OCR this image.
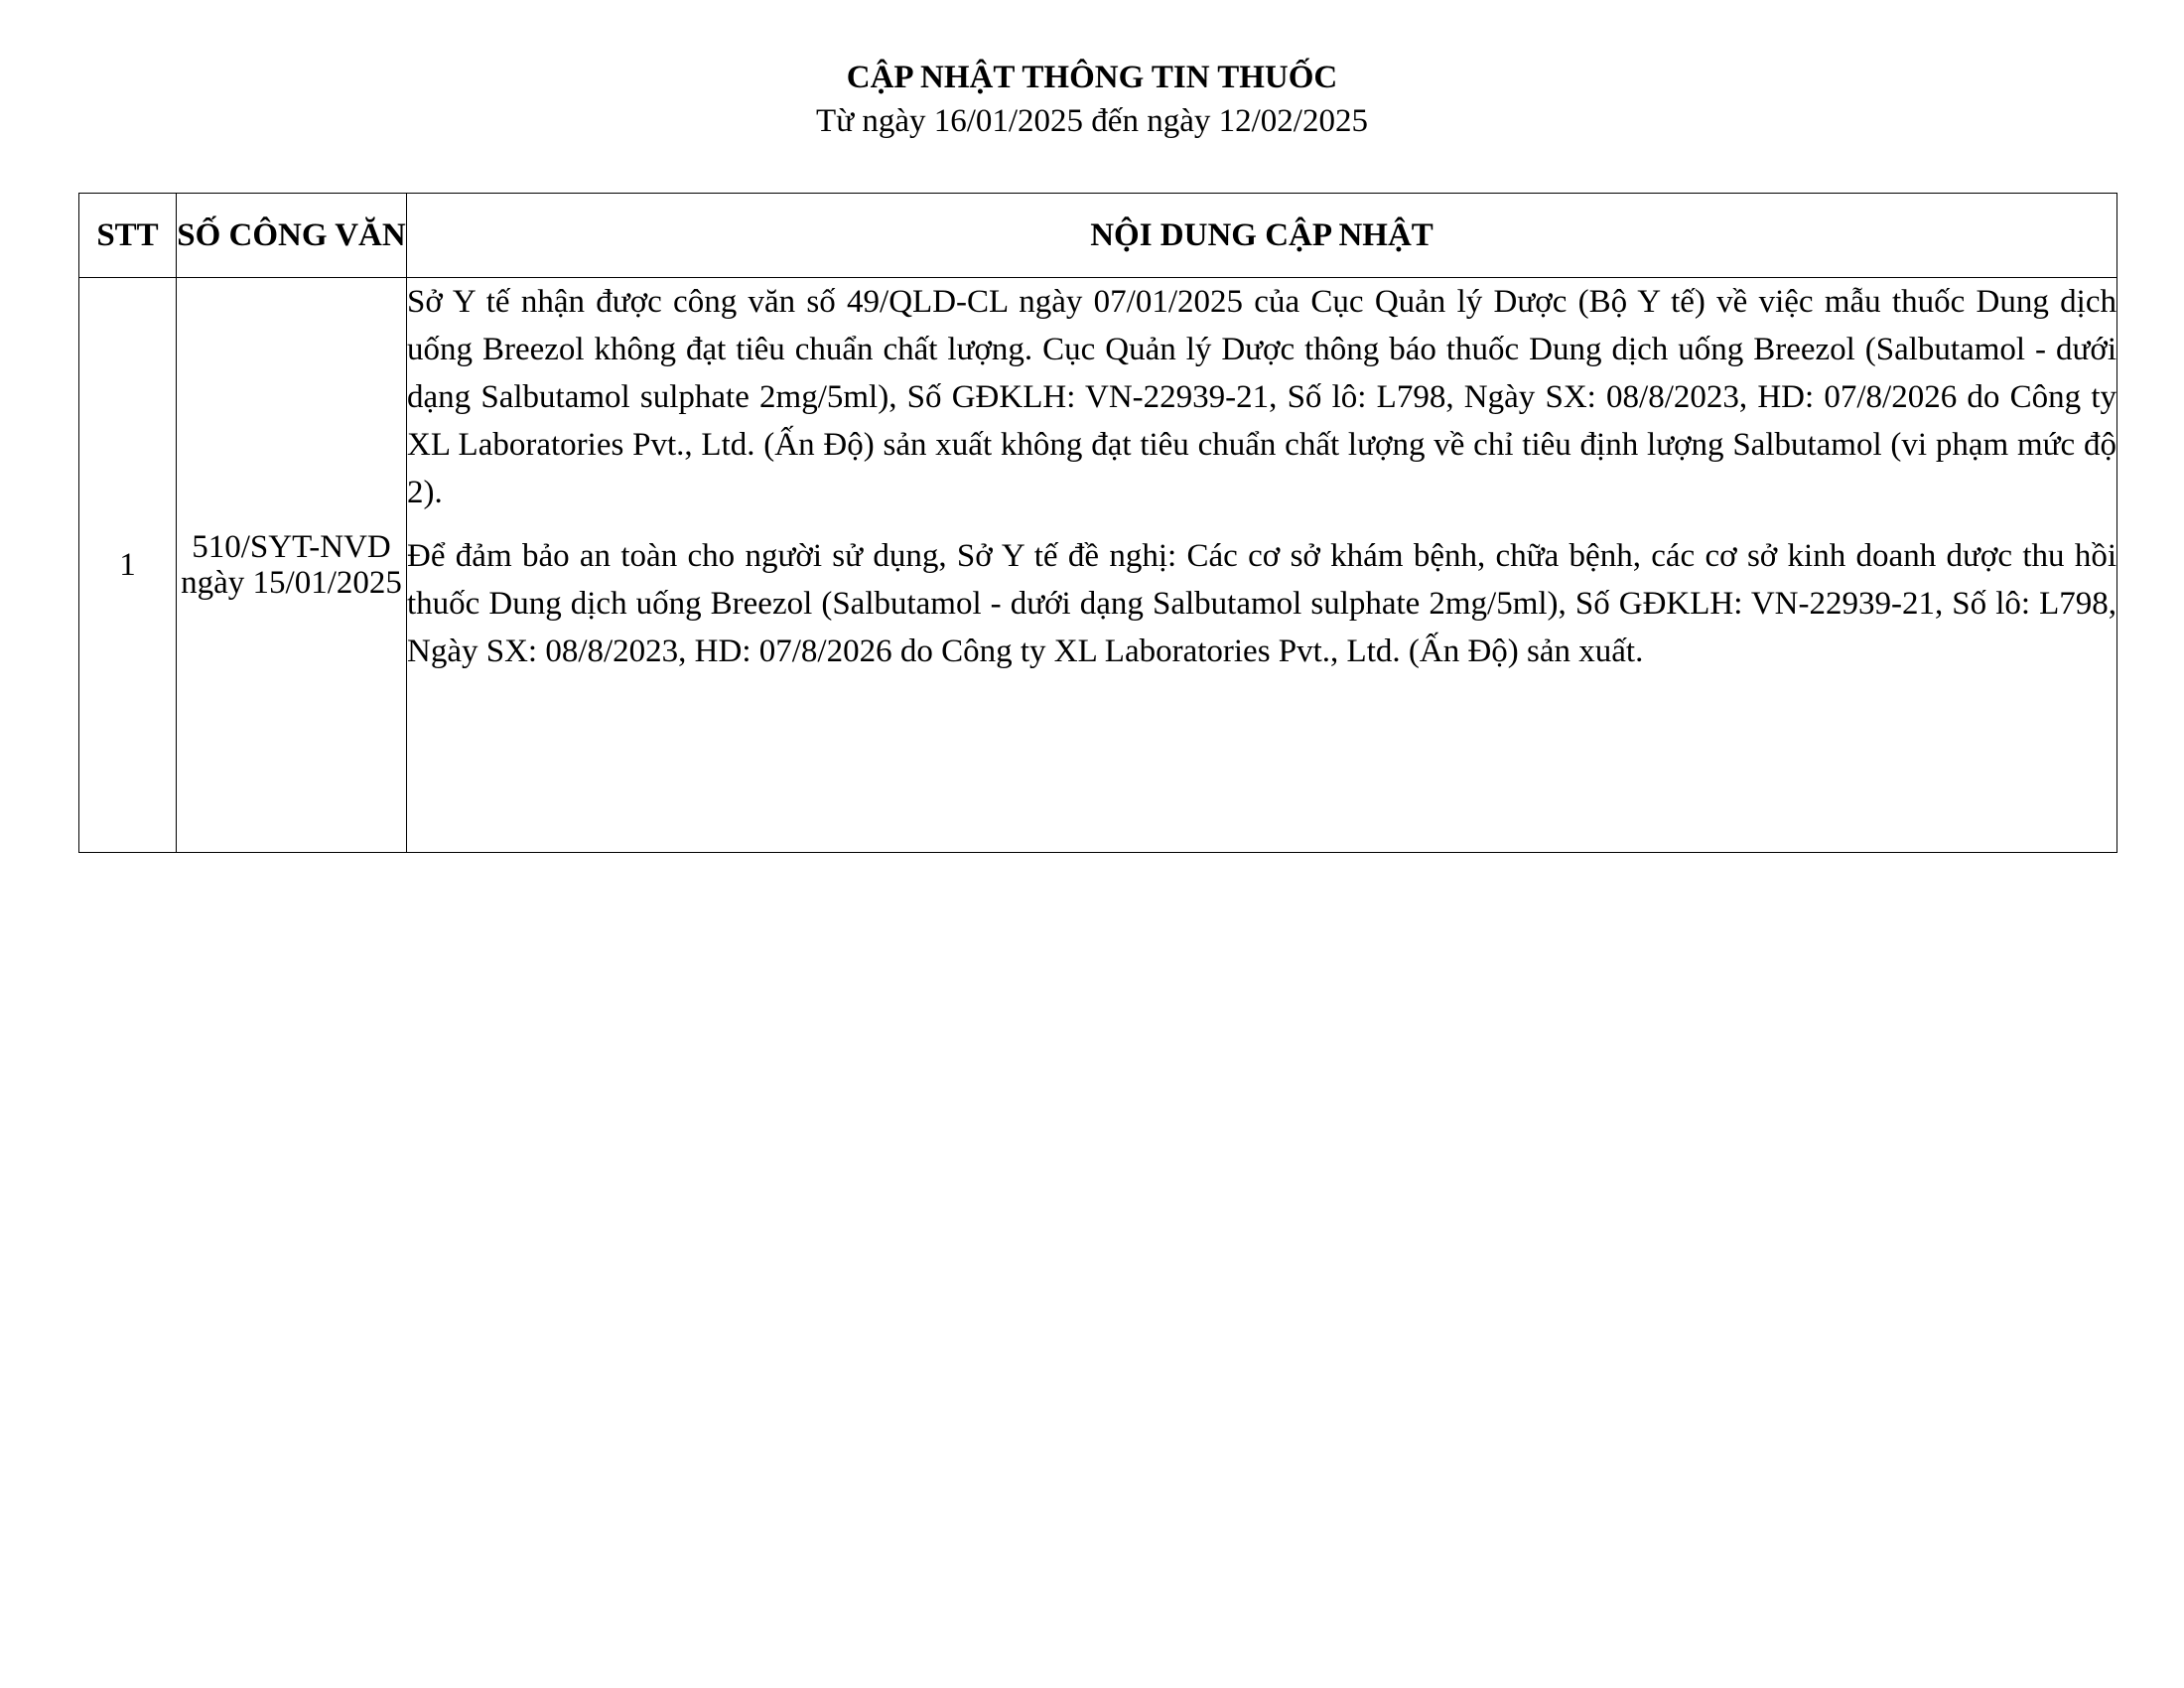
CẬP NHẬT THÔNG TIN THUỐC

Từ ngày 16/01/2025 đến ngày 12/02/2025

STT	SỐ CÔNG VĂN	NỘI DUNG CẬP NHẬT
1	510/SYT-NVD ngày 15/01/2025	Sở Y tế nhận được công văn số 49/QLD-CL ngày 07/01/2025 của Cục Quản lý Dược (Bộ Y tế) về việc mẫu thuốc Dung dịch uống Breezol không đạt tiêu chuẩn chất lượng. Cục Quản lý Dược thông báo thuốc Dung dịch uống Breezol (Salbutamol - dưới dạng Salbutamol sulphate 2mg/5ml), Số GĐKLH: VN-22939-21, Số lô: L798, Ngày SX: 08/8/2023, HD: 07/8/2026 do Công ty XL Laboratories Pvt., Ltd. (Ấn Độ) sản xuất không đạt tiêu chuẩn chất lượng về chỉ tiêu định lượng Salbutamol (vi phạm mức độ 2).

Để đảm bảo an toàn cho người sử dụng, Sở Y tế đề nghị: Các cơ sở khám bệnh, chữa bệnh, các cơ sở kinh doanh dược thu hồi thuốc Dung dịch uống Breezol (Salbutamol - dưới dạng Salbutamol sulphate 2mg/5ml), Số GĐKLH: VN-22939-21, Số lô: L798, Ngày SX: 08/8/2023, HD: 07/8/2026 do Công ty XL Laboratories Pvt., Ltd. (Ấn Độ) sản xuất.
